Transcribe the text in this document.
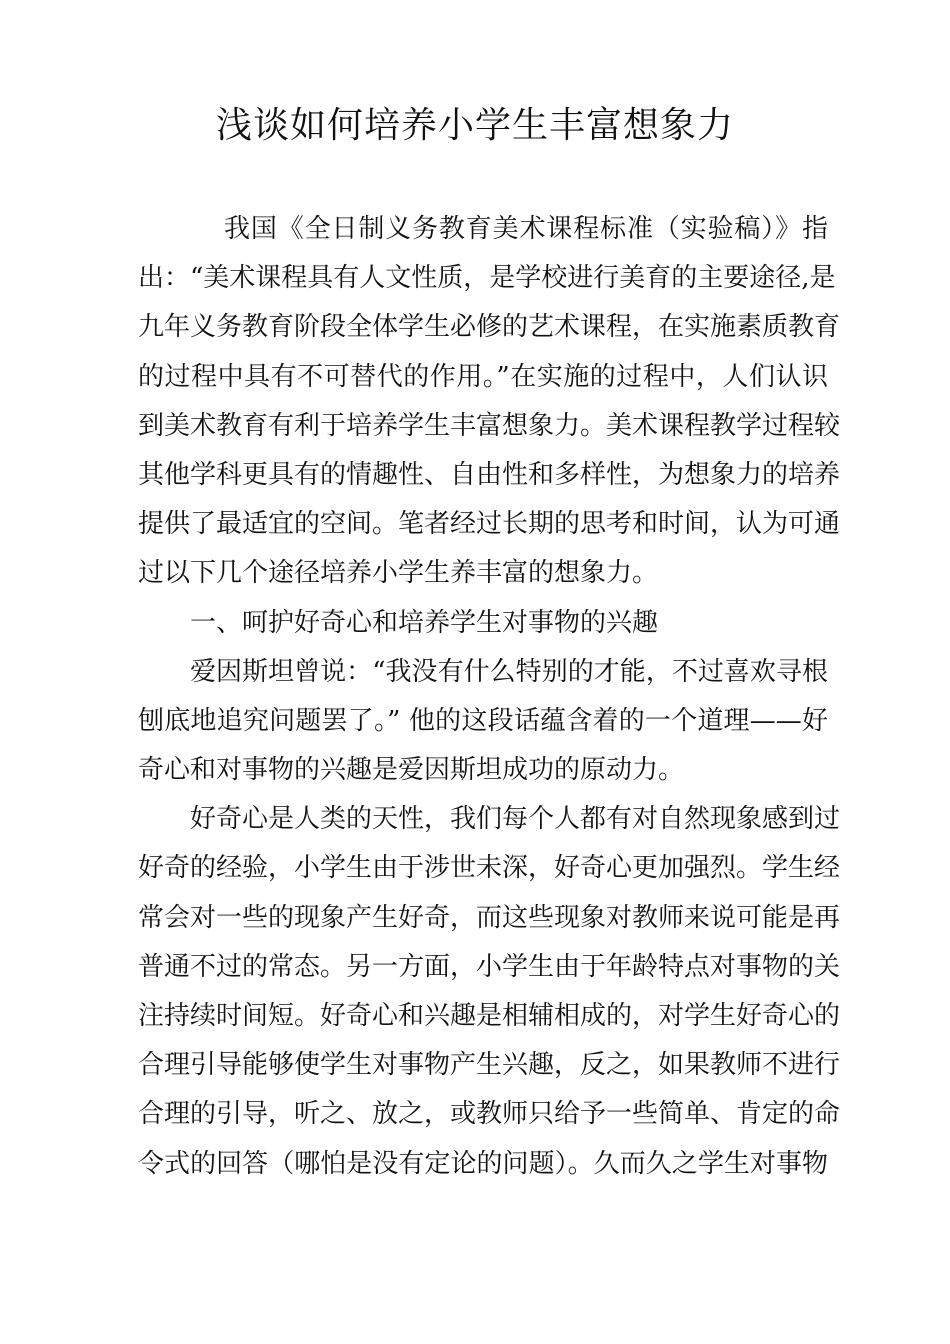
浅谈如何培养小学生丰富想象力
我国《全日制义务教育美术课程标准（实验稿）》指
出：“美术课程具有人文性质，是学校进行美育的主要途径,是
九年义务教育阶段全体学生必修的艺术课程，在实施素质教育
的过程中具有不可替代的作用。”在实施的过程中，人们认识
到美术教育有利于培养学生丰富想象力。美术课程教学过程较
其他学科更具有的情趣性、自由性和多样性，为想象力的培养
提供了最适宜的空间。笔者经过长期的思考和时间，认为可通
过以下几个途径培养小学生养丰富的想象力。
一、呵护好奇心和培养学生对事物的兴趣
爱因斯坦曾说：“我没有什么特别的才能，不过喜欢寻根
刨底地追究问题罢了。” 他的这段话蕴含着的一个道理——好
奇心和对事物的兴趣是爱因斯坦成功的原动力。
好奇心是人类的天性，我们每个人都有对自然现象感到过
好奇的经验，小学生由于涉世未深，好奇心更加强烈。学生经
常会对一些的现象产生好奇，而这些现象对教师来说可能是再
普通不过的常态。另一方面，小学生由于年龄特点对事物的关
注持续时间短。好奇心和兴趣是相辅相成的，对学生好奇心的
合理引导能够使学生对事物产生兴趣，反之，如果教师不进行
合理的引导，听之、放之，或教师只给予一些简单、肯定的命
令式的回答（哪怕是没有定论的问题）。久而久之学生对事物
